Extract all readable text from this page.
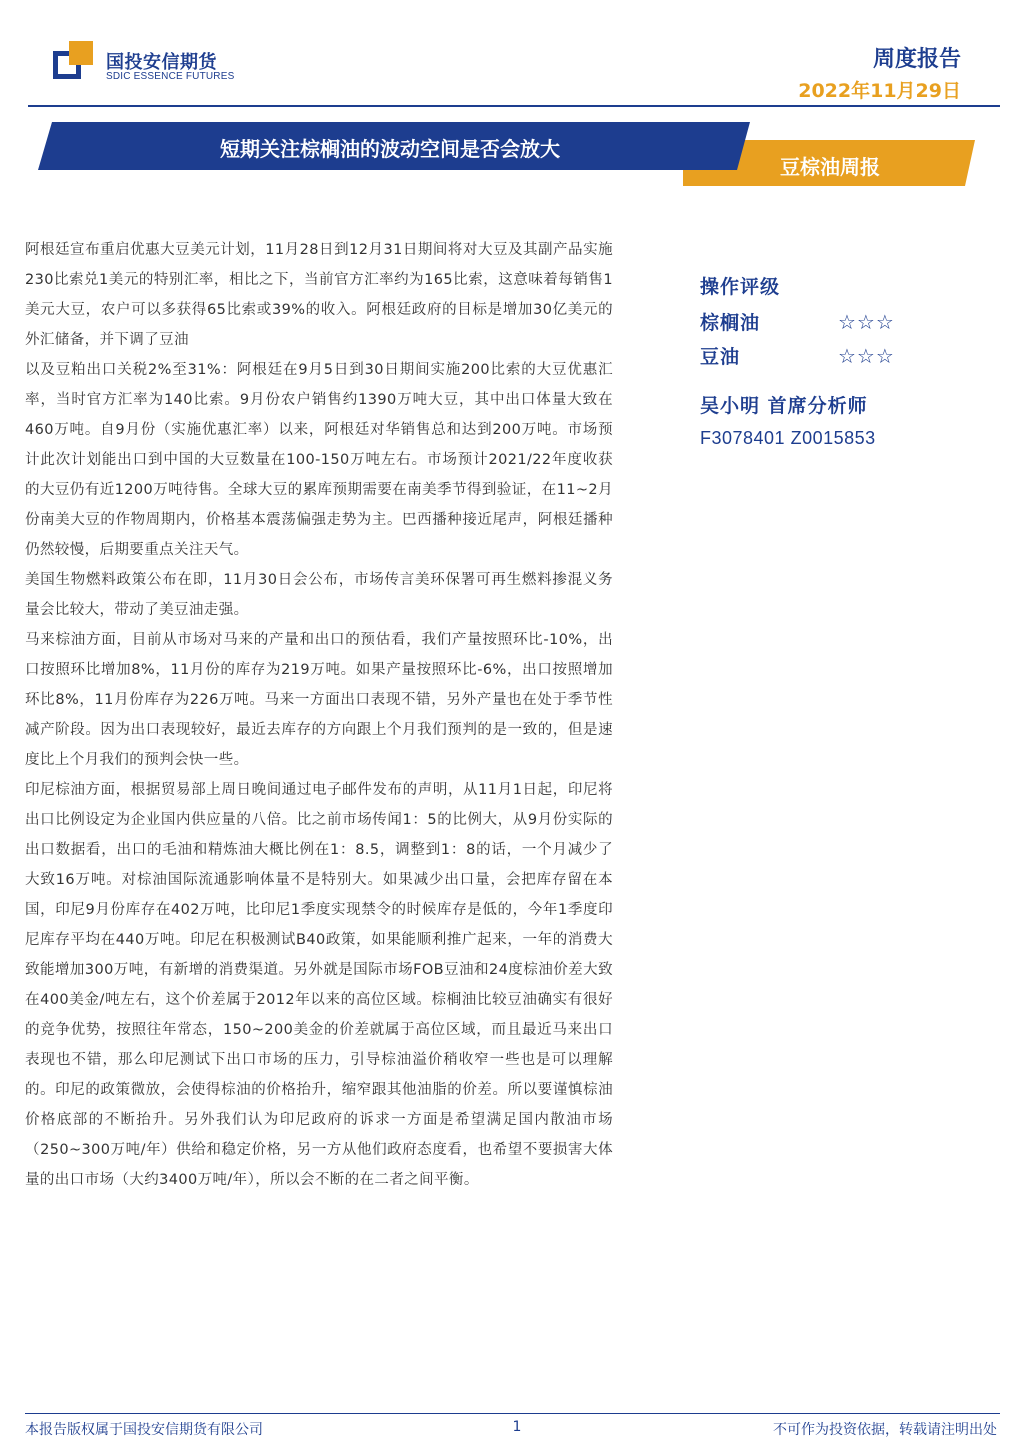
国投安信期货
SDIC ESSENCE FUTURES
周度报告
2022年11月29日
短期关注棕榈油的波动空间是否会放大
豆棕油周报

阿根廷宣布重启优惠大豆美元计划，11月28日到12月31日期间将对大豆及其副产品实施230比索兑1美元的特别汇率，相比之下，当前官方汇率约为165比索，这意味着每销售1美元大豆，农户可以多获得65比索或39%的收入。阿根廷政府的目标是增加30亿美元的外汇储备，并下调了豆油

以及豆粕出口关税2%至31%：阿根廷在9月5日到30日期间实施200比索的大豆优惠汇率，当时官方汇率为140比索。9月份农户销售约1390万吨大豆，其中出口体量大致在460万吨。自9月份（实施优惠汇率）以来，阿根廷对华销售总和达到200万吨。市场预计此次计划能出口到中国的大豆数量在100-150万吨左右。市场预计2021/22年度收获的大豆仍有近1200万吨待售。全球大豆的累库预期需要在南美季节得到验证，在11~2月份南美大豆的作物周期内，价格基本震荡偏强走势为主。巴西播种接近尾声，阿根廷播种仍然较慢，后期要重点关注天气。

美国生物燃料政策公布在即，11月30日会公布，市场传言美环保署可再生燃料掺混义务量会比较大，带动了美豆油走强。

马来棕油方面，目前从市场对马来的产量和出口的预估看，我们产量按照环比-10%，出口按照环比增加8%，11月份的库存为219万吨。如果产量按照环比-6%，出口按照增加环比8%，11月份库存为226万吨。马来一方面出口表现不错，另外产量也在处于季节性减产阶段。因为出口表现较好，最近去库存的方向跟上个月我们预判的是一致的，但是速度比上个月我们的预判会快一些。

印尼棕油方面，根据贸易部上周日晚间通过电子邮件发布的声明，从11月1日起，印尼将出口比例设定为企业国内供应量的八倍。比之前市场传闻1：5的比例大，从9月份实际的出口数据看，出口的毛油和精炼油大概比例在1：8.5，调整到1：8的话，一个月减少了大致16万吨。对棕油国际流通影响体量不是特别大。如果减少出口量，会把库存留在本国，印尼9月份库存在402万吨，比印尼1季度实现禁令的时候库存是低的，今年1季度印尼库存平均在440万吨。印尼在积极测试B40政策，如果能顺利推广起来，一年的消费大致能增加300万吨，有新增的消费渠道。另外就是国际市场FOB豆油和24度棕油价差大致在400美金/吨左右，这个价差属于2012年以来的高位区域。棕榈油比较豆油确实有很好的竞争优势，按照往年常态，150~200美金的价差就属于高位区域，而且最近马来出口表现也不错，那么印尼测试下出口市场的压力，引导棕油溢价稍收窄一些也是可以理解的。印尼的政策微放，会使得棕油的价格抬升，缩窄跟其他油脂的价差。所以要谨慎棕油价格底部的不断抬升。另外我们认为印尼政府的诉求一方面是希望满足国内散油市场（250~300万吨/年）供给和稳定价格，另一方从他们政府态度看，也希望不要损害大体量的出口市场（大约3400万吨/年），所以会不断的在二者之间平衡。

操作评级
棕榈油	☆☆☆
豆油	☆☆☆
吴小明 首席分析师
F3078401 Z0015853
本报告版权属于国投安信期货有限公司	1	不可作为投资依据，转载请注明出处
